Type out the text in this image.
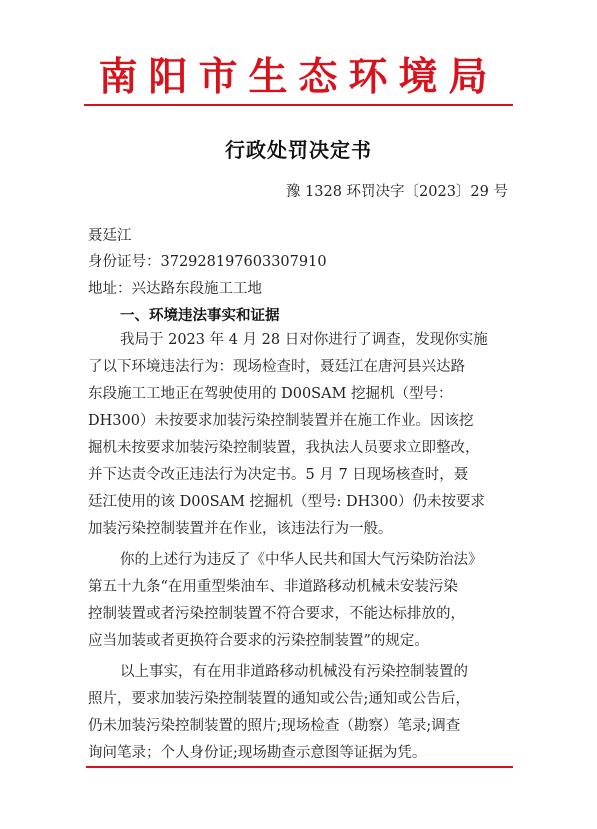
南阳市生态环境局
行政处罚决定书
豫 1328 环罚决字〔2023〕29 号
聂廷江
身份证号：372928197603307910
地址：兴达路东段施工工地
一、环境违法事实和证据
我局于 2023 年 4 月 28 日对你进行了调查，发现你实施
了以下环境违法行为：现场检查时，聂廷江在唐河县兴达路
东段施工工地正在驾驶使用的 D00SAM 挖掘机（型号：
DH300）未按要求加装污染控制装置并在施工作业。因该挖
掘机未按要求加装污染控制装置，我执法人员要求立即整改，
并下达责令改正违法行为决定书。5 月 7 日现场核查时，聂
廷江使用的该 D00SAM 挖掘机（型号: DH300）仍未按要求
加装污染控制装置并在作业，该违法行为一般。
你的上述行为违反了《中华人民共和国大气污染防治法》
第五十九条“在用重型柴油车、非道路移动机械未安装污染
控制装置或者污染控制装置不符合要求，不能达标排放的，
应当加装或者更换符合要求的污染控制装置”的规定。
以上事实，有在用非道路移动机械没有污染控制装置的
照片，要求加装污染控制装置的通知或公告;通知或公告后，
仍未加装污染控制装置的照片;现场检查（勘察）笔录;调查
询问笔录；个人身份证;现场勘查示意图等证据为凭。
